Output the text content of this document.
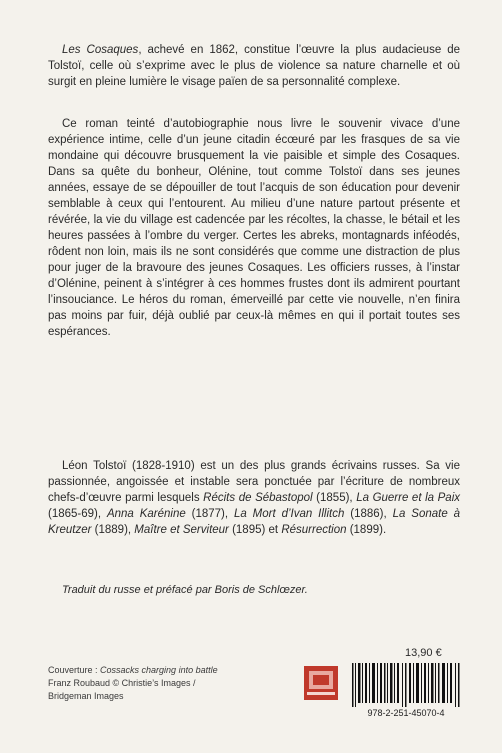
Les Cosaques, achevé en 1862, constitue l’œuvre la plus audacieuse de Tolstoï, celle où s’exprime avec le plus de violence sa nature charnelle et où surgit en pleine lumière le visage païen de sa personnalité complexe.
Ce roman teinté d’autobiographie nous livre le souvenir vivace d’une expérience intime, celle d’un jeune citadin écœuré par les frasques de sa vie mondaine qui découvre brusquement la vie paisible et simple des Cosaques. Dans sa quête du bonheur, Olénine, tout comme Tolstoï dans ses jeunes années, essaye de se dépouiller de tout l’acquis de son éducation pour devenir semblable à ceux qui l’entourent. Au milieu d’une nature partout présente et révérée, la vie du village est cadencée par les récoltes, la chasse, le bétail et les heures passées à l’ombre du verger. Certes les abreks, montagnards inféodés, rôdent non loin, mais ils ne sont considérés que comme une distraction de plus pour juger de la bravoure des jeunes Cosaques. Les officiers russes, à l’instar d’Olénine, peinent à s’intégrer à ces hommes frustes dont ils admirent pourtant l’insouciance. Le héros du roman, émerveillé par cette vie nouvelle, n’en finira pas moins par fuir, déjà oublié par ceux-là mêmes en qui il portait toutes ses espérances.
Léon Tolstoï (1828-1910) est un des plus grands écrivains russes. Sa vie passionnée, angoissée et instable sera ponctuée par l’écriture de nombreux chefs-d’œuvre parmi lesquels Récits de Sébastopol (1855), La Guerre et la Paix (1865-69), Anna Karénine (1877), La Mort d’Ivan Illitch (1886), La Sonate à Kreutzer (1889), Maître et Serviteur (1895) et Résurrection (1899).
Traduit du russe et préfacé par Boris de Schlœzer.
13,90 €
Couverture : Cossacks charging into battle
Franz Roubaud © Christie’s Images /
Bridgeman Images
978-2-251-45070-4
